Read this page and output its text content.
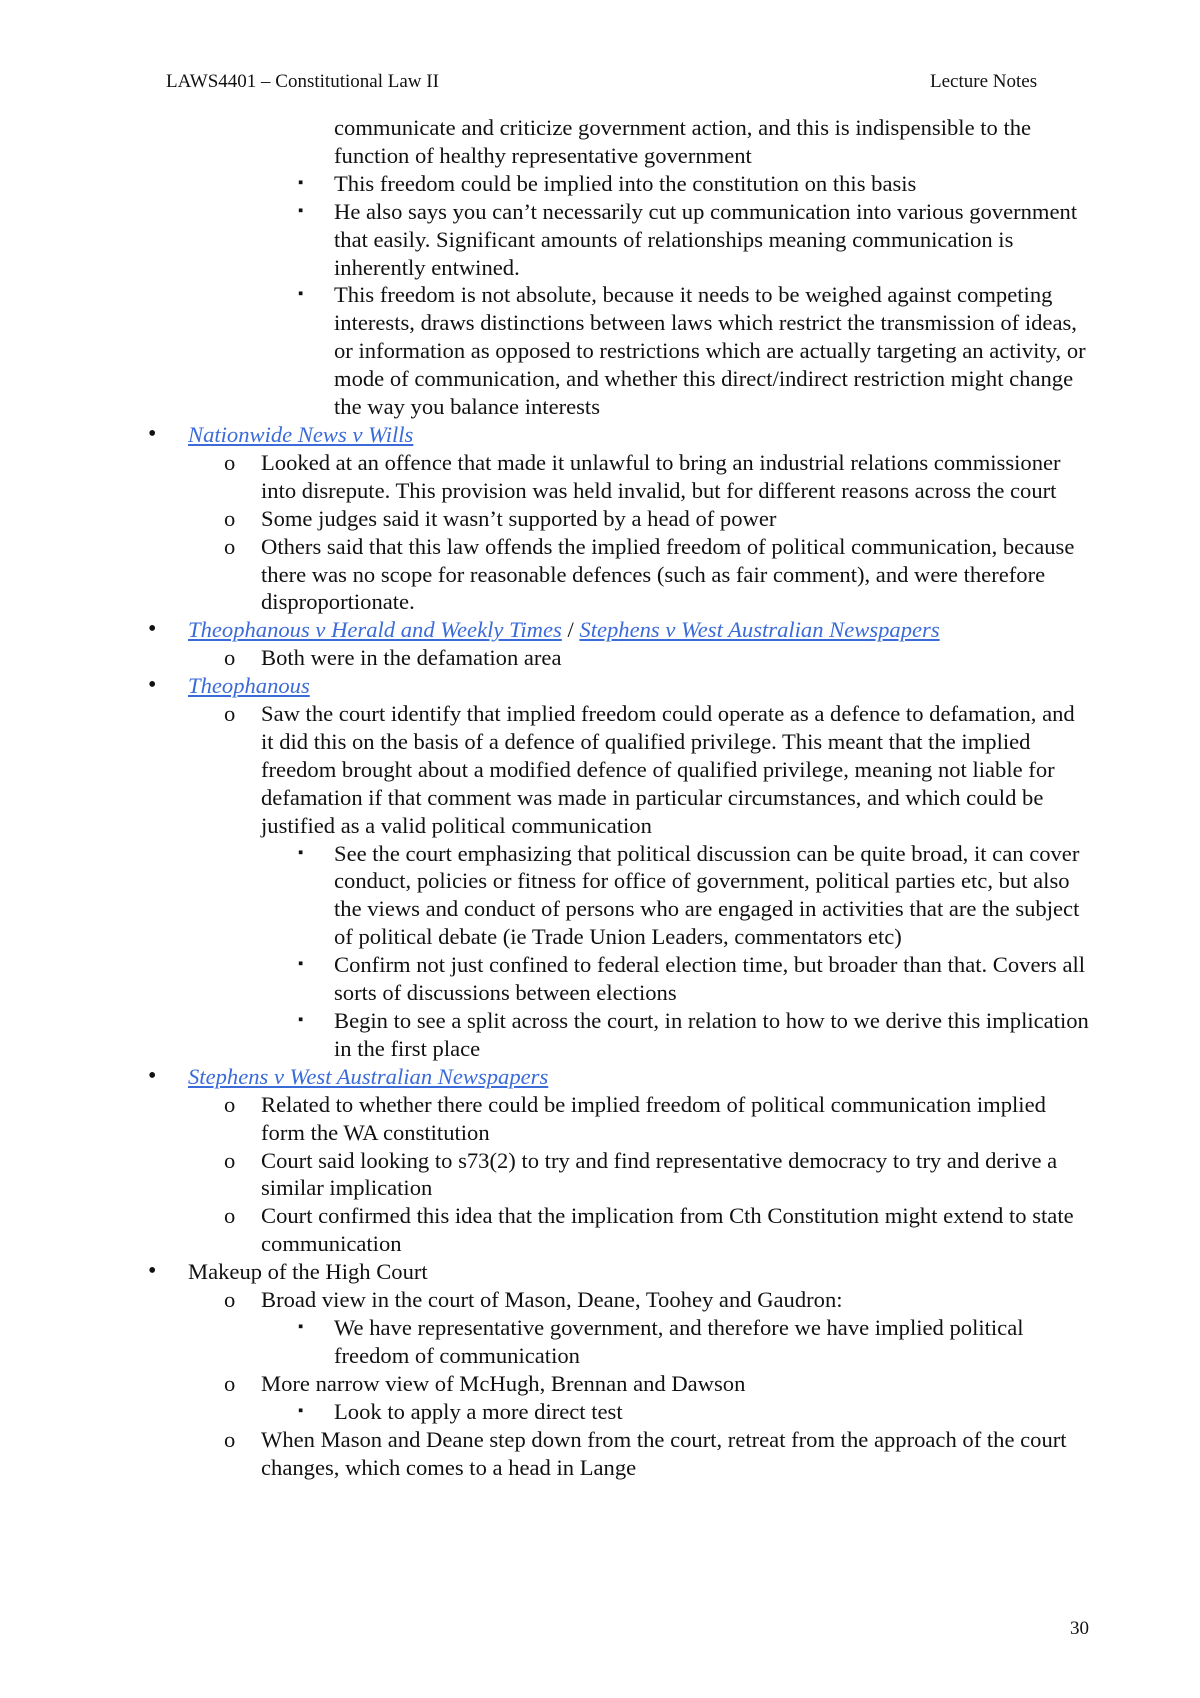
LAWS4401 – Constitutional Law II	Lecture Notes
communicate and criticize government action, and this is indispensible to the function of healthy representative government
▪ This freedom could be implied into the constitution on this basis
▪ He also says you can’t necessarily cut up communication into various government that easily. Significant amounts of relationships meaning communication is inherently entwined.
▪ This freedom is not absolute, because it needs to be weighed against competing interests, draws distinctions between laws which restrict the transmission of ideas, or information as opposed to restrictions which are actually targeting an activity, or mode of communication, and whether this direct/indirect restriction might change the way you balance interests
• Nationwide News v Wills
o Looked at an offence that made it unlawful to bring an industrial relations commissioner into disrepute. This provision was held invalid, but for different reasons across the court
o Some judges said it wasn’t supported by a head of power
o Others said that this law offends the implied freedom of political communication, because there was no scope for reasonable defences (such as fair comment), and were therefore disproportionate.
• Theophanous v Herald and Weekly Times / Stephens v West Australian Newspapers
o Both were in the defamation area
• Theophanous
o Saw the court identify that implied freedom could operate as a defence to defamation, and it did this on the basis of a defence of qualified privilege. This meant that the implied freedom brought about a modified defence of qualified privilege, meaning not liable for defamation if that comment was made in particular circumstances, and which could be justified as a valid political communication
▪ See the court emphasizing that political discussion can be quite broad, it can cover conduct, policies or fitness for office of government, political parties etc, but also the views and conduct of persons who are engaged in activities that are the subject of political debate (ie Trade Union Leaders, commentators etc)
▪ Confirm not just confined to federal election time, but broader than that. Covers all sorts of discussions between elections
▪ Begin to see a split across the court, in relation to how to we derive this implication in the first place
• Stephens v West Australian Newspapers
o Related to whether there could be implied freedom of political communication implied form the WA constitution
o Court said looking to s73(2) to try and find representative democracy to try and derive a similar implication
o Court confirmed this idea that the implication from Cth Constitution might extend to state communication
• Makeup of the High Court
o Broad view in the court of Mason, Deane, Toohey and Gaudron:
▪ We have representative government, and therefore we have implied political freedom of communication
o More narrow view of McHugh, Brennan and Dawson
▪ Look to apply a more direct test
o When Mason and Deane step down from the court, retreat from the approach of the court changes, which comes to a head in Lange
30
